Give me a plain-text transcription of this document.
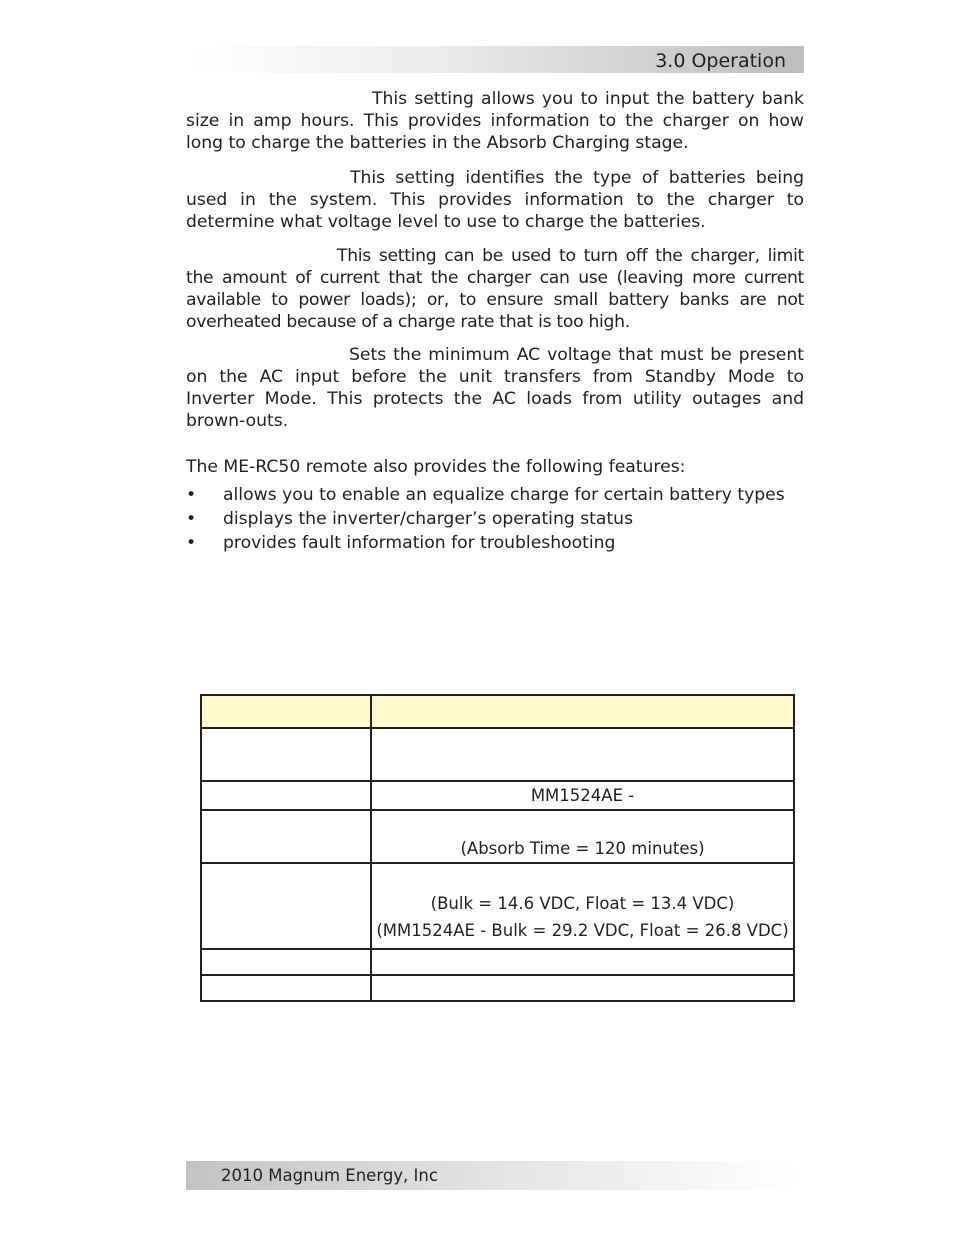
3.0 Operation

This setting allows you to input the battery bank size in amp hours. This provides information to the charger on how long to charge the batteries in the Absorb Charging stage.

This setting identifies the type of batteries being used in the system. This provides information to the charger to determine what voltage level to use to charge the batteries.

This setting can be used to turn off the charger, limit the amount of current that the charger can use (leaving more current available to power loads); or, to ensure small battery banks are not overheated because of a charge rate that is too high.

Sets the minimum AC voltage that must be present on the AC input before the unit transfers from Standby Mode to Inverter Mode. This protects the AC loads from utility outages and brown-outs.

The ME-RC50 remote also provides the following features:

• allows you to enable an equalize charge for certain battery types
• displays the inverter/charger’s operating status
• provides fault information for troubleshooting

	MM1524AE -

	(Absorb Time = 120 minutes)

	(Bulk = 14.6 VDC, Float = 13.4 VDC)
(MM1524AE - Bulk = 29.2 VDC, Float = 26.8 VDC)

2010 Magnum Energy, Inc
